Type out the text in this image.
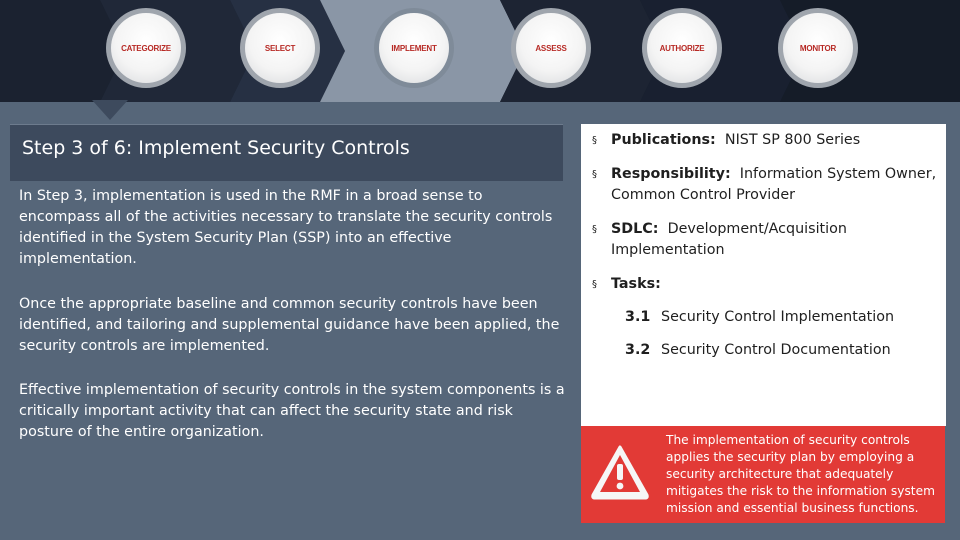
CATEGORIZE	SELECT	IMPLEMENT	ASSESS	AUTHORIZE	MONITOR
Step 3 of 6: Implement Security Controls

In Step 3, implementation is used in the RMF in a broad sense to encompass all of the activities necessary to translate the security controls identified in the System Security Plan (SSP) into an effective implementation.

Once the appropriate baseline and common security controls have been identified, and tailoring and supplemental guidance have been applied, the security controls are implemented.

Effective implementation of security controls in the system components is a critically important activity that can affect the security state and risk posture of the entire organization.

§ Publications: NIST SP 800 Series
§ Responsibility: Information System Owner, Common Control Provider
§ SDLC: Development/Acquisition Implementation
§ Tasks:
3.1 Security Control Implementation
3.2 Security Control Documentation
The implementation of security controls applies the security plan by employing a security architecture that adequately mitigates the risk to the information system mission and essential business functions.
